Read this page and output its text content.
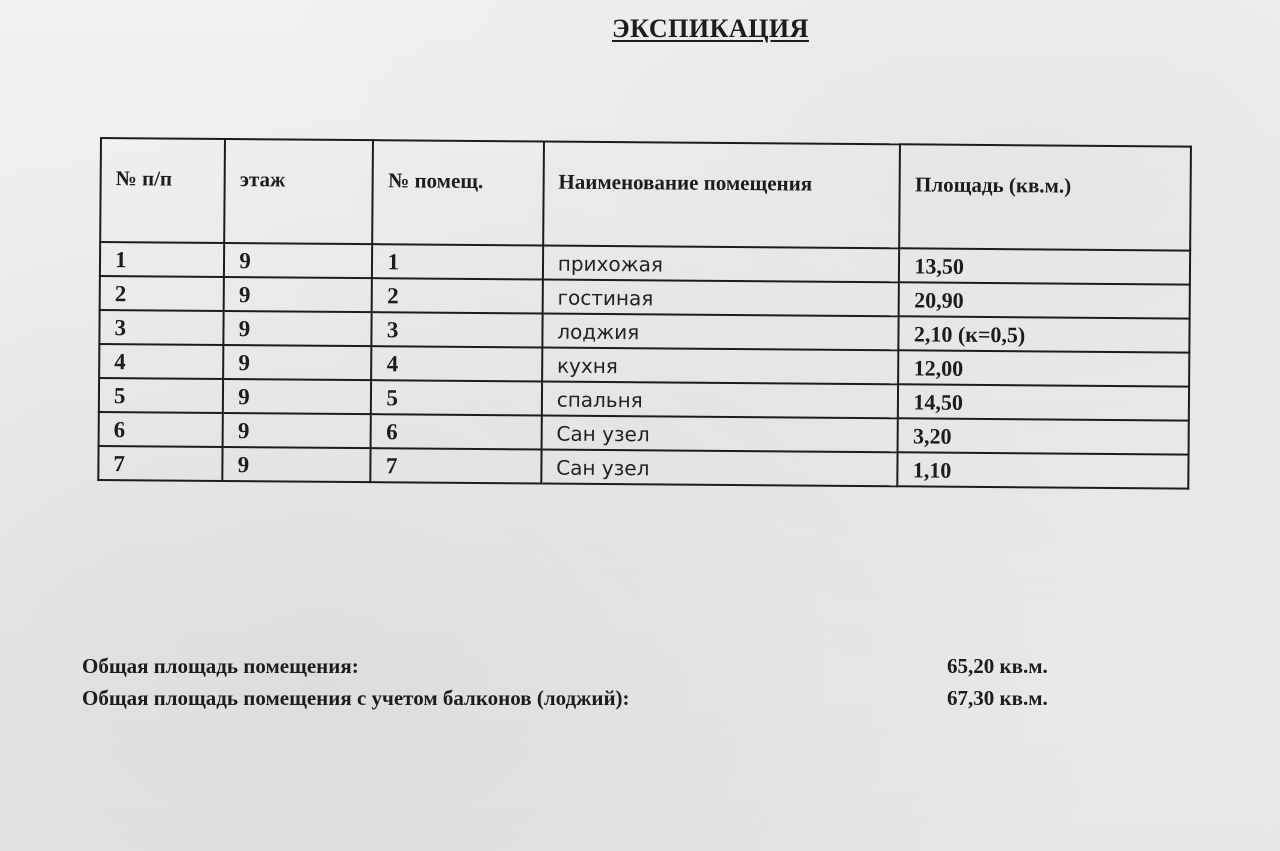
ЭКСПИКАЦИЯ
№ п/п	этаж	№ помещ.	Наименование помещения	Площадь (кв.м.)
1	9	1	прихожая	13,50
2	9	2	гостиная	20,90
3	9	3	лоджия	2,10 (к=0,5)
4	9	4	кухня	12,00
5	9	5	спальня	14,50
6	9	6	Сан узел	3,20
7	9	7	Сан узел	1,10
Общая площадь помещения:	65,20 кв.м.
Общая площадь помещения с учетом балконов (лоджий):	67,30 кв.м.
